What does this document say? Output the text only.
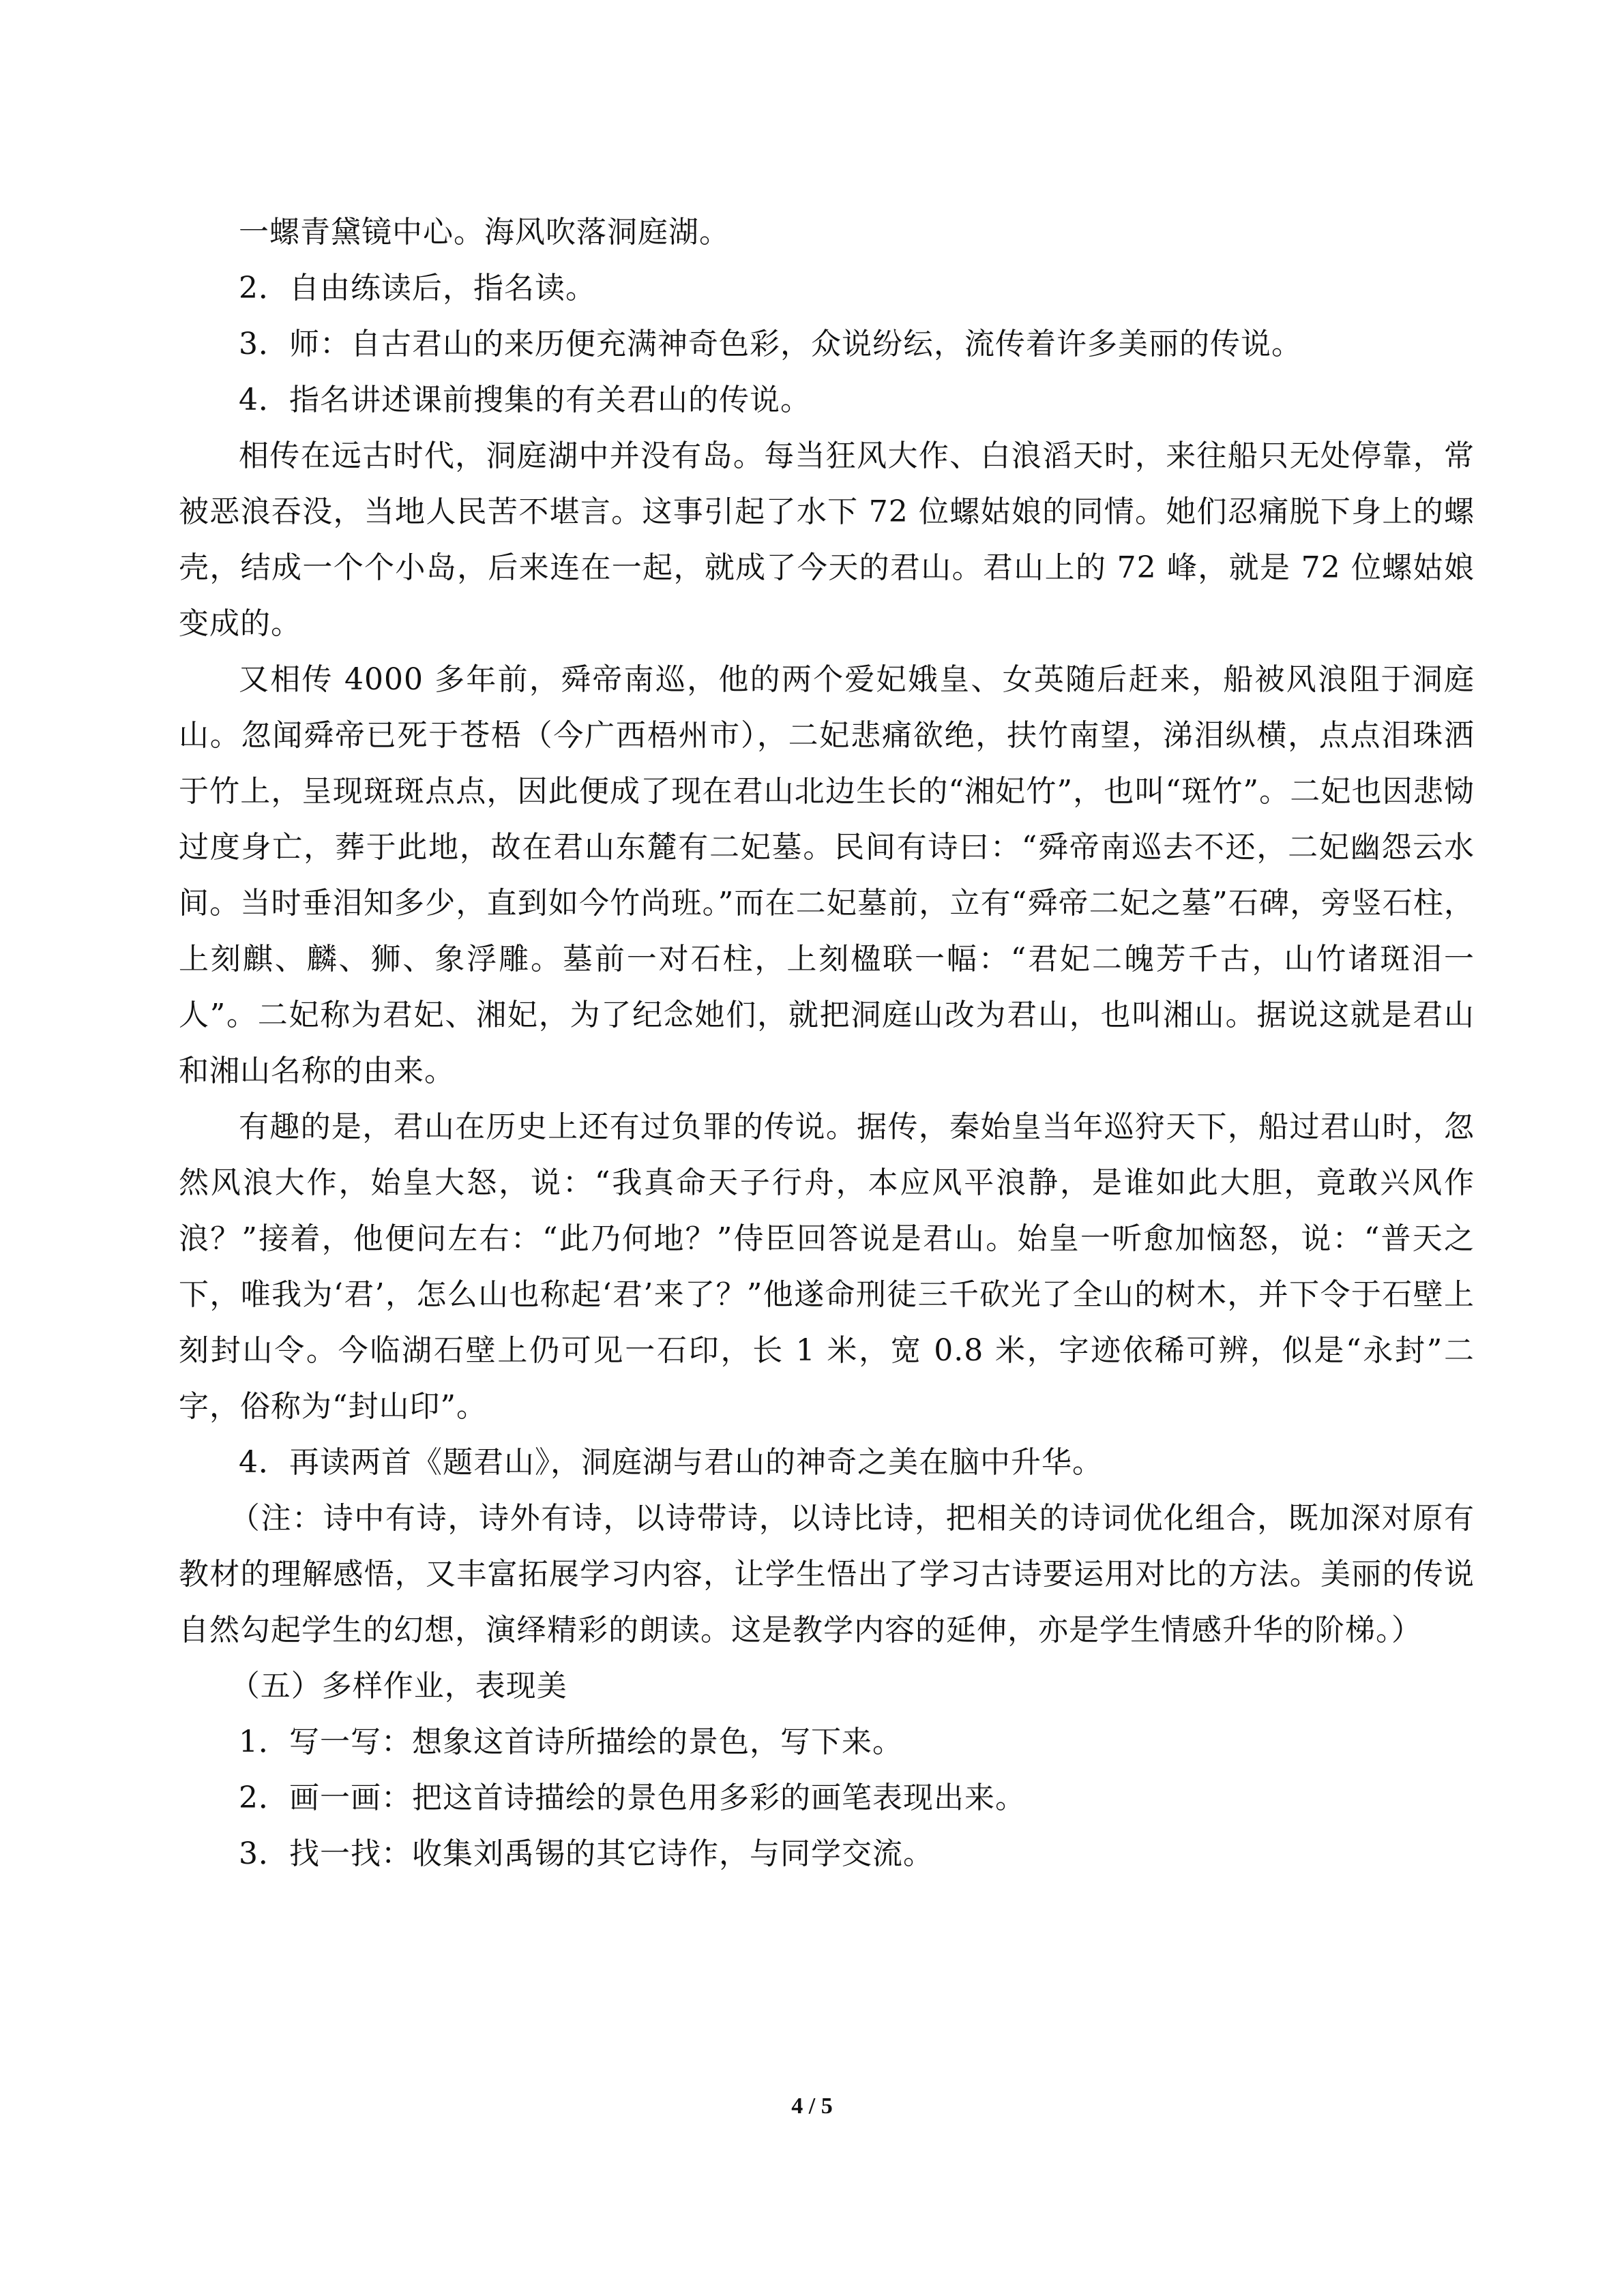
一螺青黛镜中心。海风吹落洞庭湖。

2．自由练读后，指名读。

3．师：自古君山的来历便充满神奇色彩，众说纷纭，流传着许多美丽的传说。

4．指名讲述课前搜集的有关君山的传说。

相传在远古时代，洞庭湖中并没有岛。每当狂风大作、白浪滔天时，来往船只无处停靠，常被恶浪吞没，当地人民苦不堪言。这事引起了水下 72 位螺姑娘的同情。她们忍痛脱下身上的螺壳，结成一个个小岛，后来连在一起，就成了今天的君山。君山上的 72 峰，就是 72 位螺姑娘变成的。

又相传 4000 多年前，舜帝南巡，他的两个爱妃娥皇、女英随后赶来，船被风浪阻于洞庭山。忽闻舜帝已死于苍梧（今广西梧州市），二妃悲痛欲绝，扶竹南望，涕泪纵横，点点泪珠洒于竹上，呈现斑斑点点，因此便成了现在君山北边生长的“湘妃竹”，也叫“斑竹”。二妃也因悲恸过度身亡，葬于此地，故在君山东麓有二妃墓。民间有诗曰：“舜帝南巡去不还，二妃幽怨云水间。当时垂泪知多少，直到如今竹尚班。”而在二妃墓前，立有“舜帝二妃之墓”石碑，旁竖石柱，上刻麒、麟、狮、象浮雕。墓前一对石柱，上刻楹联一幅：“君妃二魄芳千古，山竹诸斑泪一人”。二妃称为君妃、湘妃，为了纪念她们，就把洞庭山改为君山，也叫湘山。据说这就是君山和湘山名称的由来。

有趣的是，君山在历史上还有过负罪的传说。据传，秦始皇当年巡狩天下，船过君山时，忽然风浪大作，始皇大怒，说：“我真命天子行舟，本应风平浪静，是谁如此大胆，竟敢兴风作浪？”接着，他便问左右：“此乃何地？”侍臣回答说是君山。始皇一听愈加恼怒，说：“普天之下，唯我为‘君’，怎么山也称起‘君’来了？”他遂命刑徒三千砍光了全山的树木，并下令于石壁上刻封山令。今临湖石壁上仍可见一石印，长 1 米，宽 0.8 米，字迹依稀可辨，似是“永封”二字，俗称为“封山印”。

4．再读两首《题君山》，洞庭湖与君山的神奇之美在脑中升华。

（注：诗中有诗，诗外有诗，以诗带诗，以诗比诗，把相关的诗词优化组合，既加深对原有教材的理解感悟，又丰富拓展学习内容，让学生悟出了学习古诗要运用对比的方法。美丽的传说自然勾起学生的幻想，演绎精彩的朗读。这是教学内容的延伸，亦是学生情感升华的阶梯。）

（五）多样作业，表现美

1．写一写：想象这首诗所描绘的景色，写下来。

2．画一画：把这首诗描绘的景色用多彩的画笔表现出来。

3．找一找：收集刘禹锡的其它诗作，与同学交流。

4 / 5
